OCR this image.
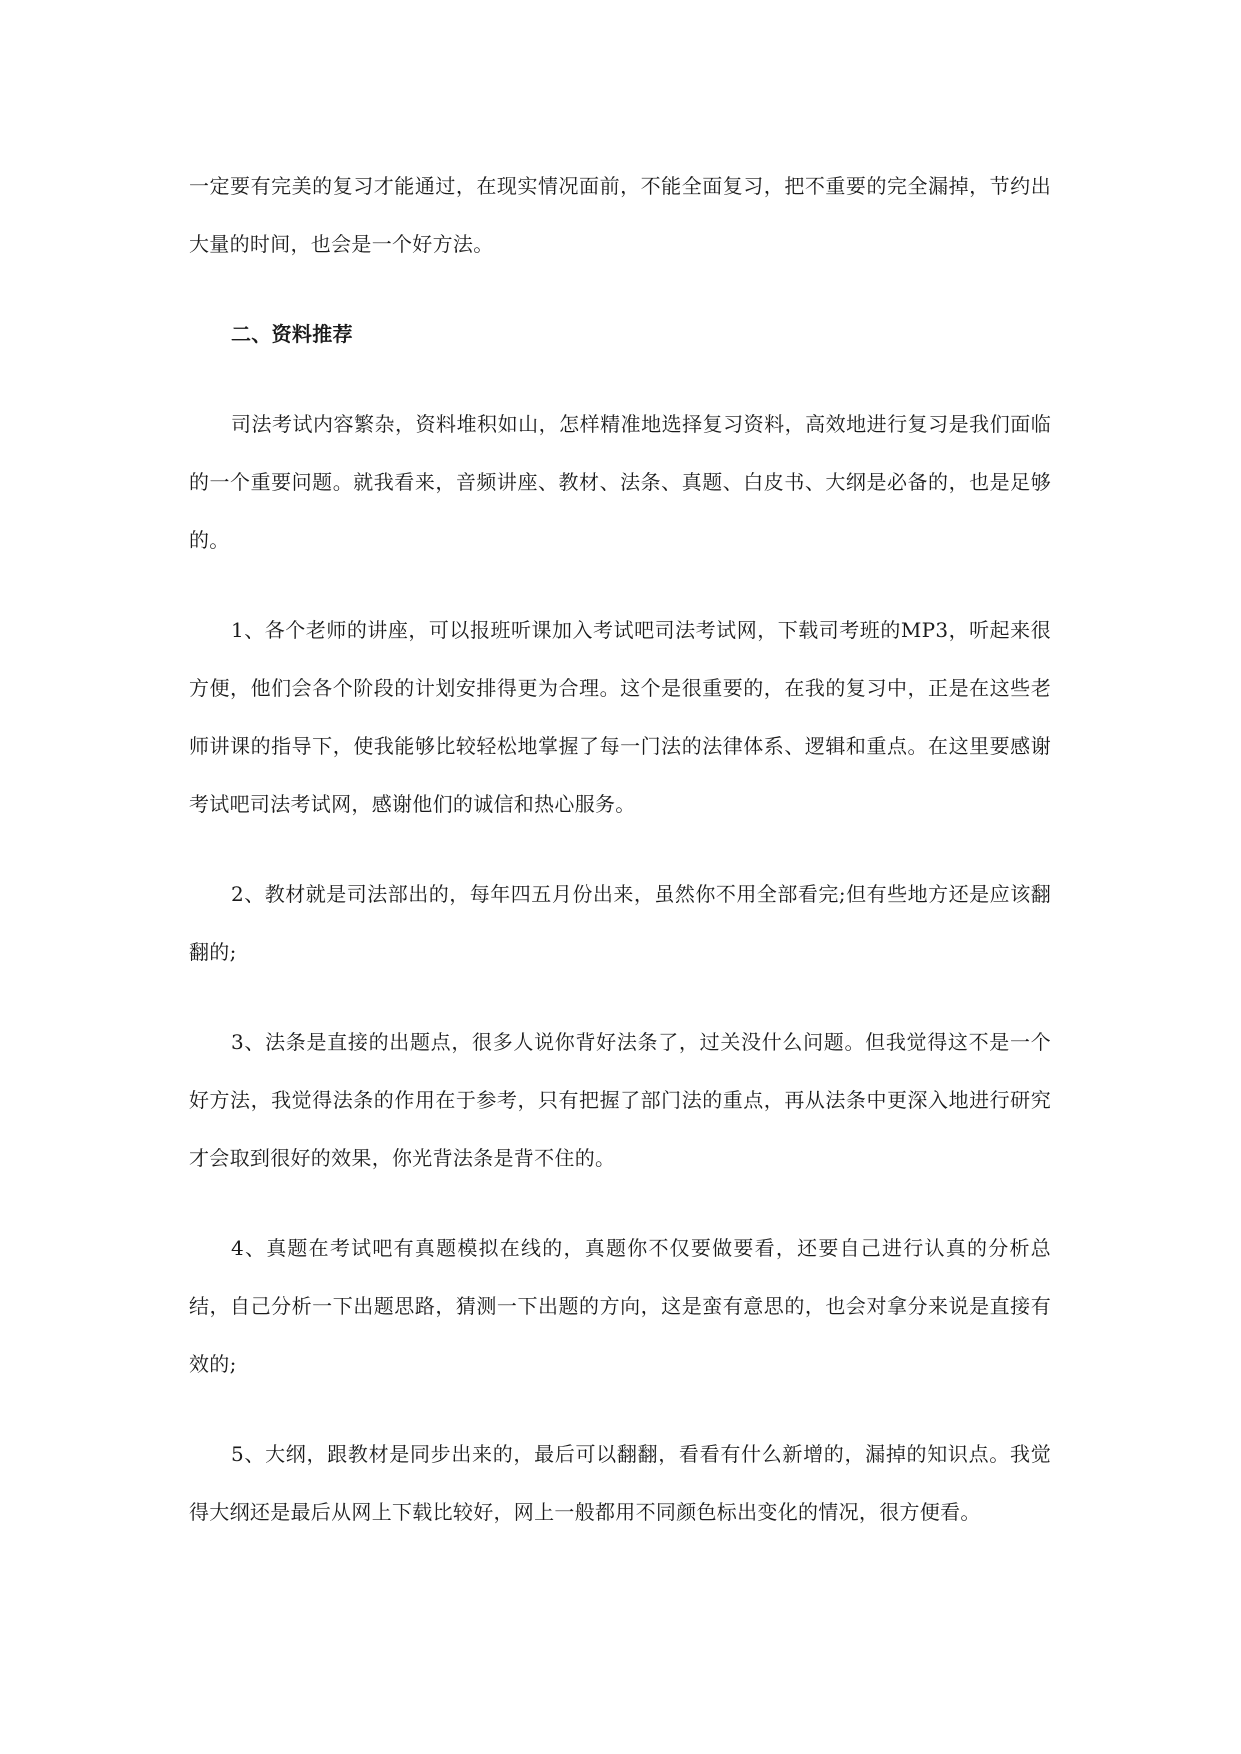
一定要有完美的复习才能通过，在现实情况面前，不能全面复习，把不重要的完全漏掉，节约出大量的时间，也会是一个好方法。

二、资料推荐

司法考试内容繁杂，资料堆积如山，怎样精准地选择复习资料，高效地进行复习是我们面临的一个重要问题。就我看来，音频讲座、教材、法条、真题、白皮书、大纲是必备的，也是足够的。

1、各个老师的讲座，可以报班听课加入考试吧司法考试网，下载司考班的MP3，听起来很方便，他们会各个阶段的计划安排得更为合理。这个是很重要的，在我的复习中，正是在这些老师讲课的指导下，使我能够比较轻松地掌握了每一门法的法律体系、逻辑和重点。在这里要感谢考试吧司法考试网，感谢他们的诚信和热心服务。

2、教材就是司法部出的，每年四五月份出来，虽然你不用全部看完;但有些地方还是应该翻翻的;

3、法条是直接的出题点，很多人说你背好法条了，过关没什么问题。但我觉得这不是一个好方法，我觉得法条的作用在于参考，只有把握了部门法的重点，再从法条中更深入地进行研究才会取到很好的效果，你光背法条是背不住的。

4、真题在考试吧有真题模拟在线的，真题你不仅要做要看，还要自己进行认真的分析总结，自己分析一下出题思路，猜测一下出题的方向，这是蛮有意思的，也会对拿分来说是直接有效的;

5、大纲，跟教材是同步出来的，最后可以翻翻，看看有什么新增的，漏掉的知识点。我觉得大纲还是最后从网上下载比较好，网上一般都用不同颜色标出变化的情况，很方便看。
